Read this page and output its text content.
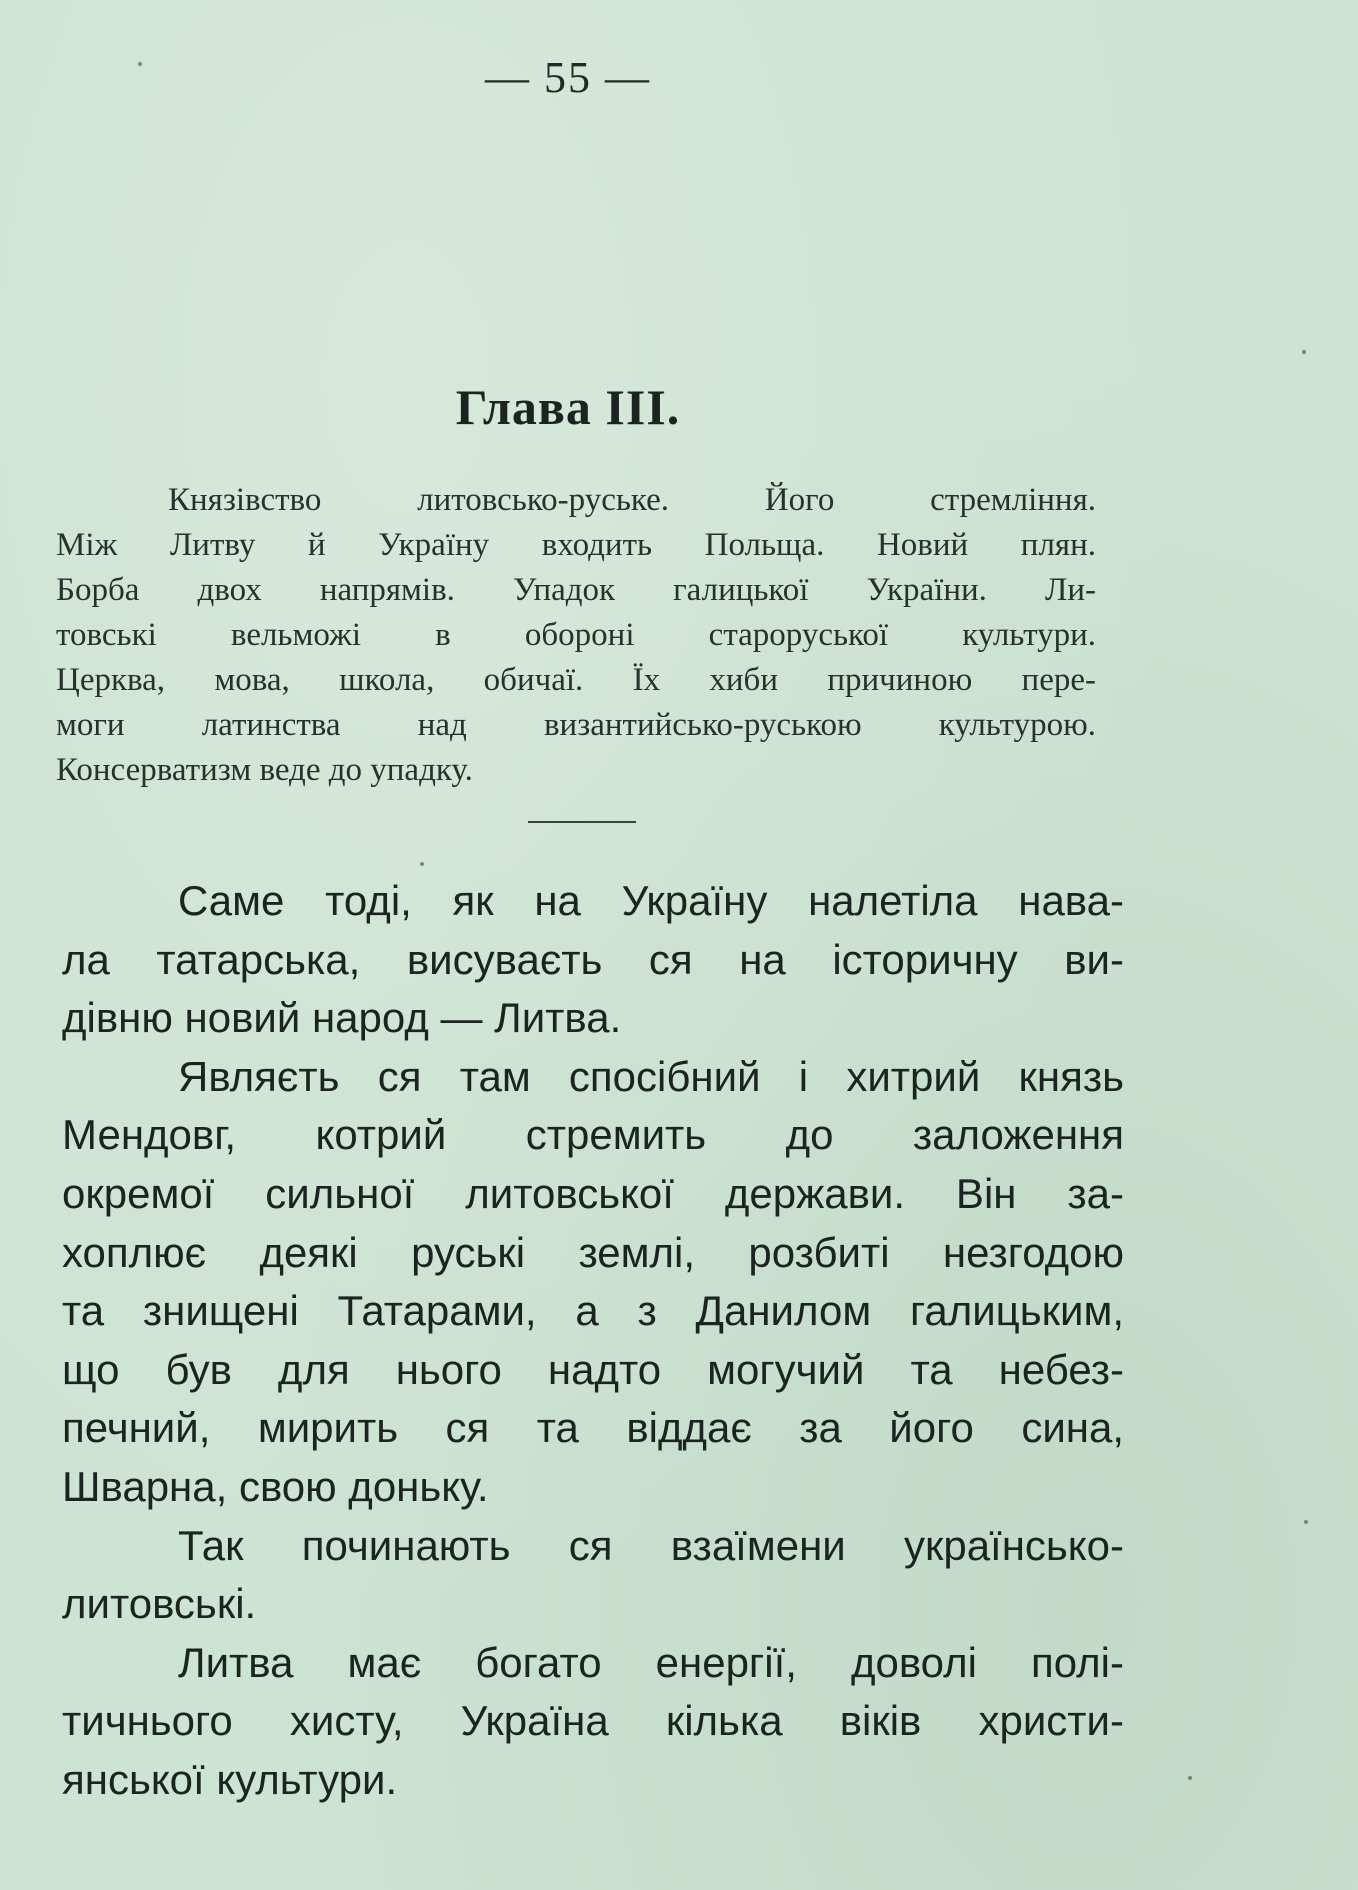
— 55 —
Глава III.
Князівство литовсько-руське. Його стремління.
Між Литву й Україну входить Польща. Новий плян.
Борба двох напрямів. Упадок галицької України. Ли-
товські вельможі в обороні староруської культури.
Церква, мова, школа, обичаї. Їх хиби причиною пере-
моги латинства над византийсько-руською культурою.
Консерватизм веде до упадку.
Саме тоді, як на Україну налетіла нава-
ла татарська, висуваєть ся на історичну ви-
дівню новий народ — Литва.
Являєть ся там спосібний і хитрий князь
Мендовг, котрий стремить до заложення
окремої сильної литовської держави. Він за-
хоплює деякі руські землі, розбиті незгодою
та знищені Татарами, а з Данилом галицьким,
що був для нього надто могучий та небез-
печний, мирить ся та віддає за його сина,
Шварна, свою доньку.
Так починають ся взаїмени українсько-
литовські.
Литва має богато енергії, доволі полі-
тичнього хисту, Україна кілька віків христи-
янської культури.
